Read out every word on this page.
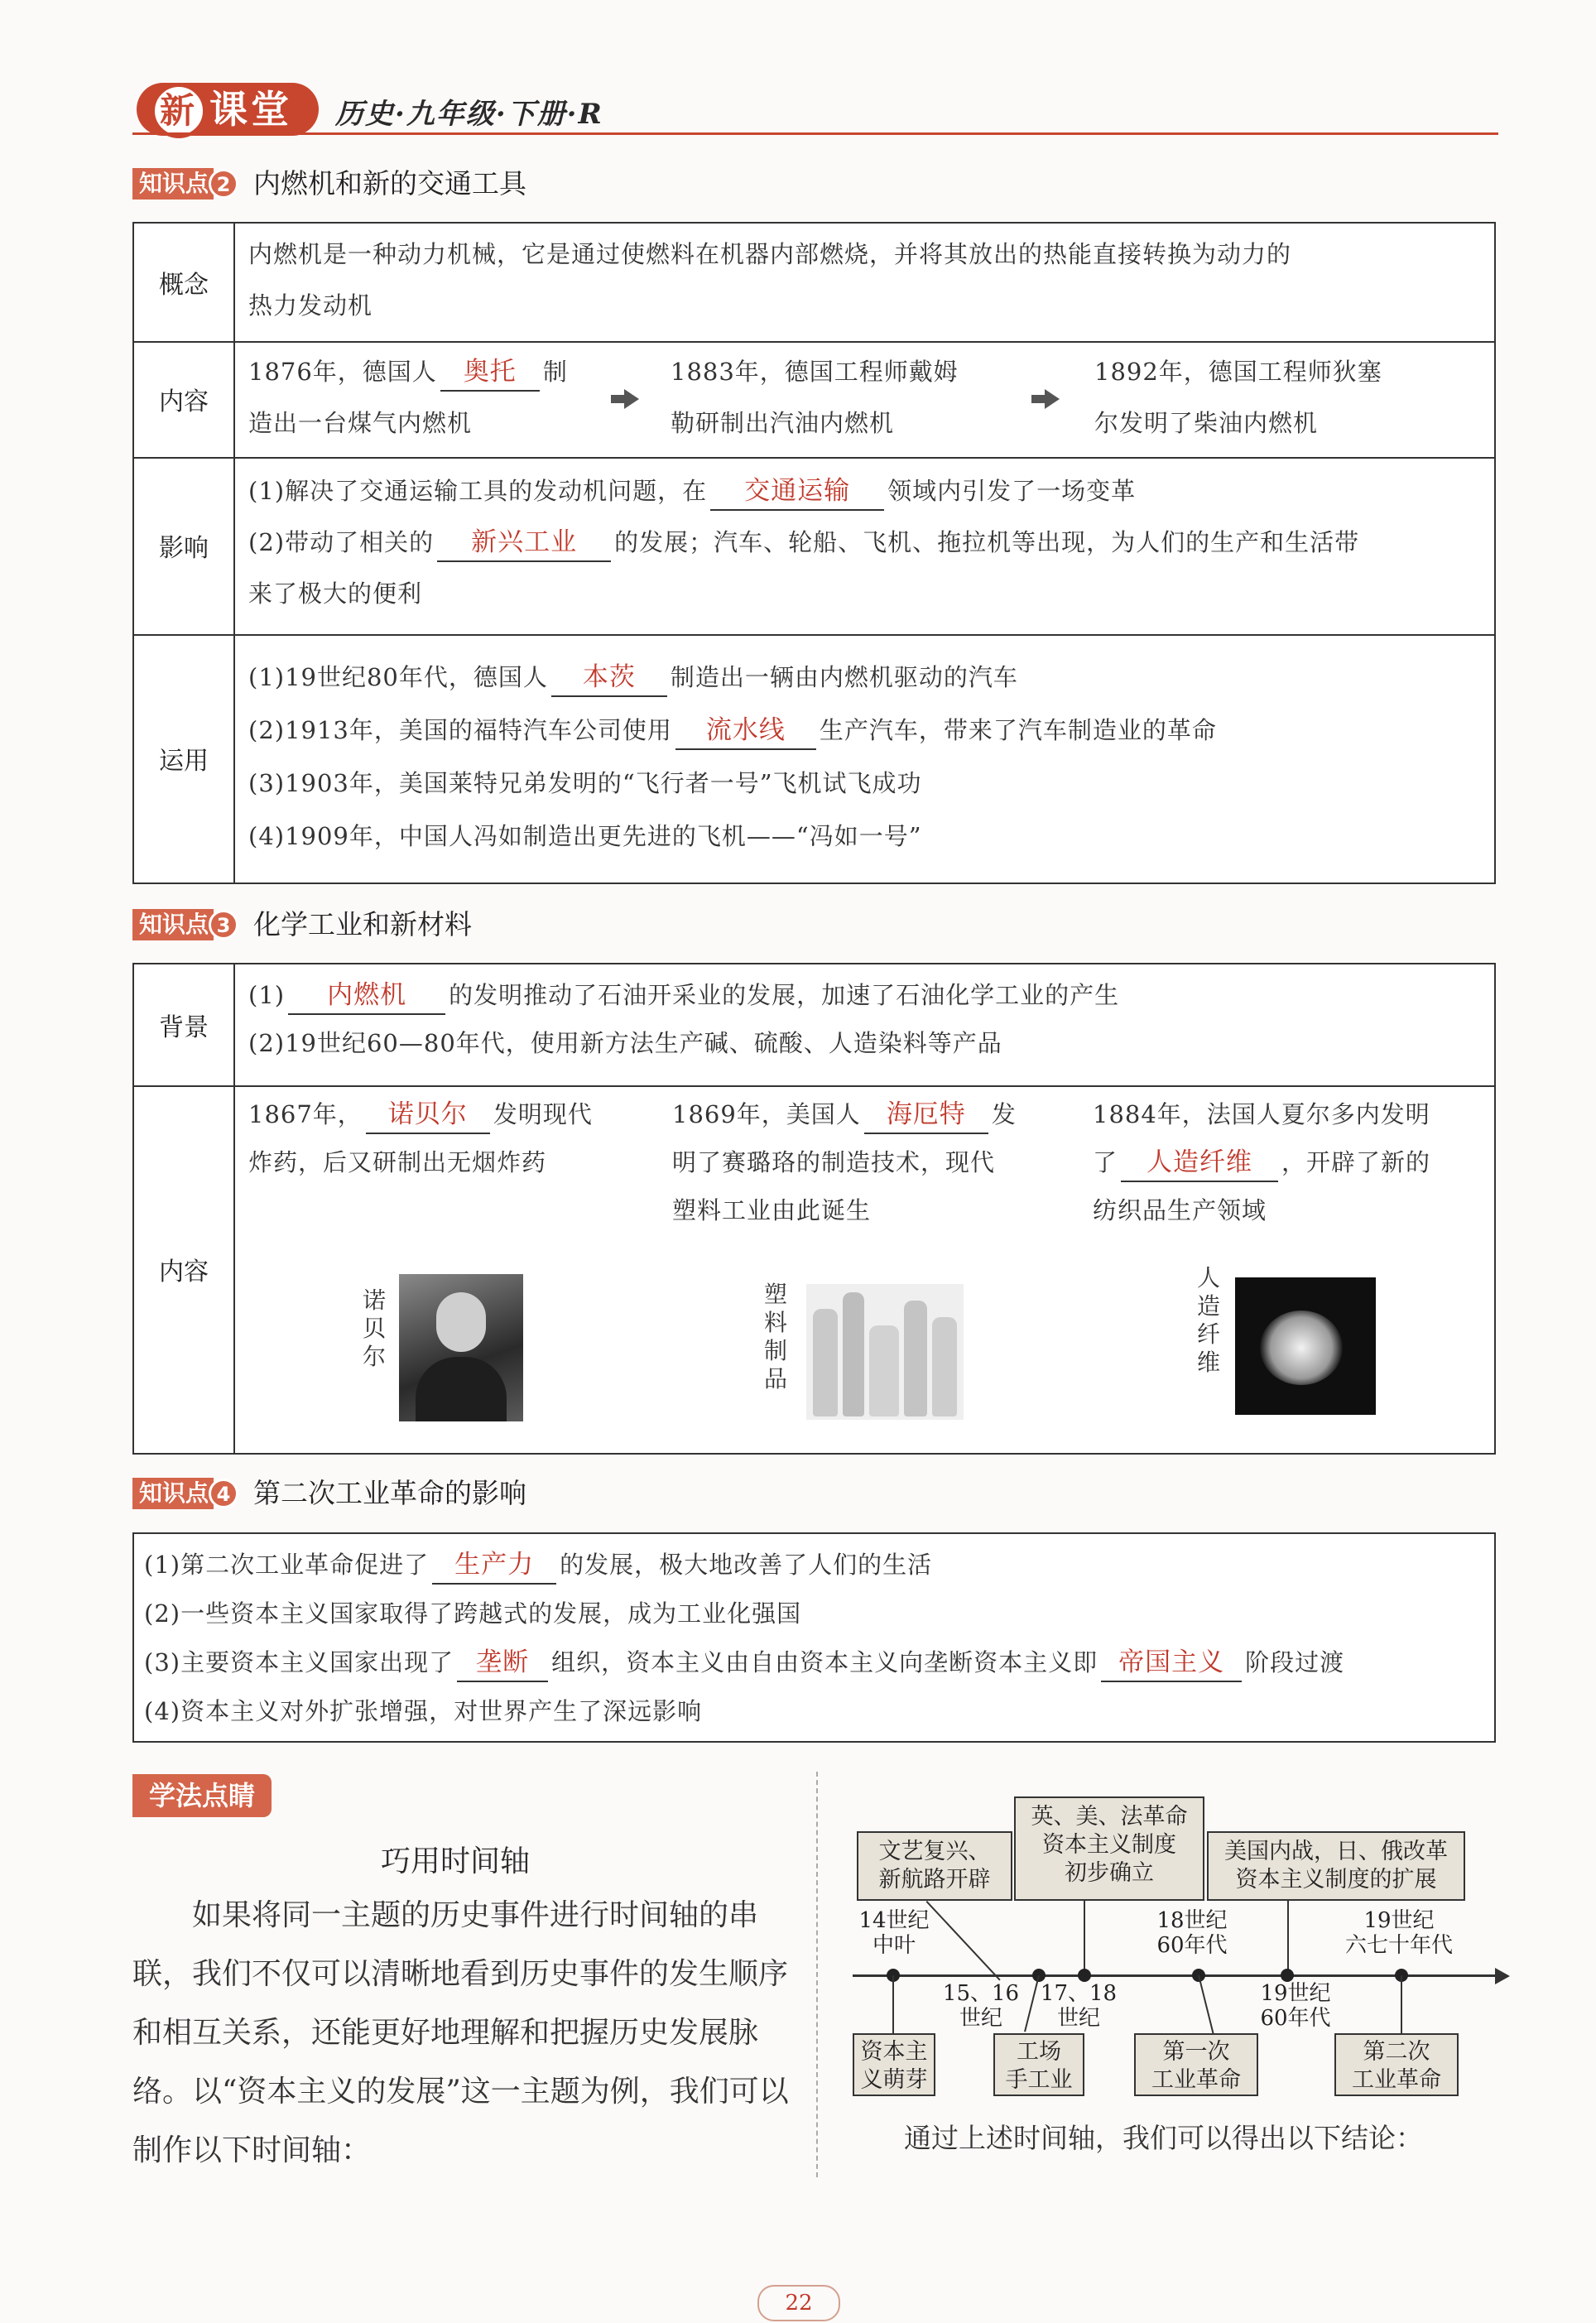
新 课堂	历史·九年级·下册·R
知识点 2 内燃机和新的交通工具
概念
内燃机是一种动力机械，它是通过使燃料在机器内部燃烧，并将其放出的热能直接转换为动力的
热力发动机
内容
1876年，德国人 奥托 制
造出一台煤气内燃机
1883年，德国工程师戴姆
勒研制出汽油内燃机
1892年，德国工程师狄塞
尔发明了柴油内燃机
影响
(1)解决了交通运输工具的发动机问题，在 交通运输 领域内引发了一场变革
(2)带动了相关的 新兴工业 的发展；汽车、轮船、飞机、拖拉机等出现，为人们的生产和生活带
来了极大的便利
运用
(1)19世纪80年代，德国人 本茨 制造出一辆由内燃机驱动的汽车
(2)1913年，美国的福特汽车公司使用 流水线 生产汽车，带来了汽车制造业的革命
(3)1903年，美国莱特兄弟发明的“飞行者一号”飞机试飞成功
(4)1909年，中国人冯如制造出更先进的飞机——“冯如一号”
知识点 3 化学工业和新材料
背景
(1) 内燃机 的发明推动了石油开采业的发展，加速了石油化学工业的产生
(2)19世纪60—80年代，使用新方法生产碱、硫酸、人造染料等产品
内容
1867年， 诺贝尔 发明现代
炸药，后又研制出无烟炸药
1869年，美国人 海厄特 发
明了赛璐珞的制造技术，现代
塑料工业由此诞生
1884年，法国人夏尔多内发明
了 人造纤维 ，开辟了新的
纺织品生产领域
诺贝尔
塑料制品
人造纤维
知识点 4 第二次工业革命的影响
(1)第二次工业革命促进了 生产力 的发展，极大地改善了人们的生活
(2)一些资本主义国家取得了跨越式的发展，成为工业化强国
(3)主要资本主义国家出现了 垄断 组织，资本主义由自由资本主义向垄断资本主义即 帝国主义 阶段过渡
(4)资本主义对外扩张增强，对世界产生了深远影响
学法点睛
巧用时间轴
如果将同一主题的历史事件进行时间轴的串联，我们不仅可以清晰地看到历史事件的发生顺序和相互关系，还能更好地理解和把握历史发展脉络。以“资本主义的发展”这一主题为例，我们可以制作以下时间轴：
文艺复兴、
新航路开辟
英、美、法革命
资本主义制度
初步确立
美国内战，日、俄改革
资本主义制度的扩展
14世纪
中叶
18世纪
60年代
19世纪
六七十年代
15、16
世纪
17、18
世纪
19世纪
60年代
资本主
义萌芽
工场
手工业
第一次
工业革命
第二次
工业革命
通过上述时间轴，我们可以得出以下结论：
22
